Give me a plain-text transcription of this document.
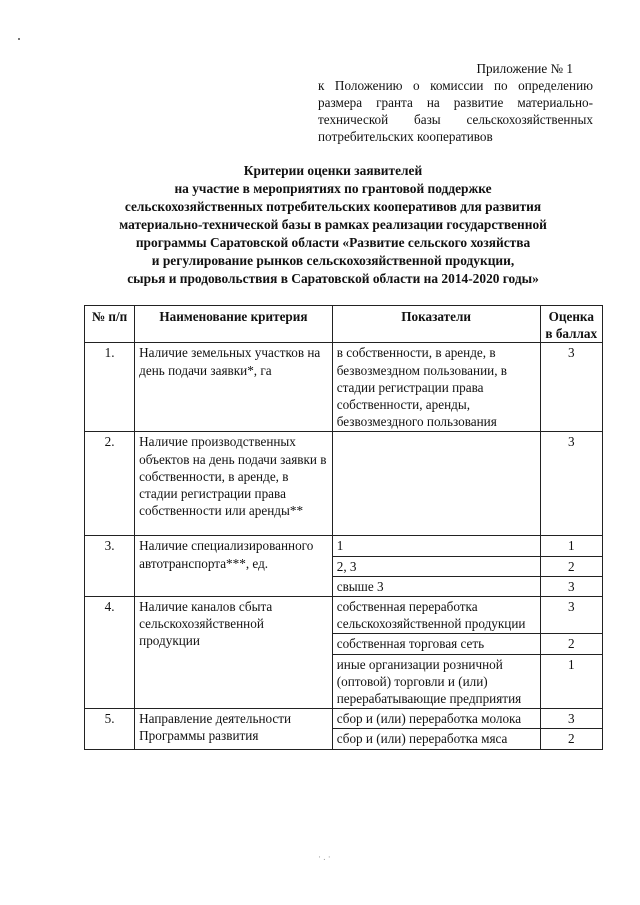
Приложение № 1
к Положению о комиссии по определению размера гранта на развитие материально-технической базы сельскохозяйственных потребительских кооперативов
Критерии оценки заявителей
на участие в мероприятиях по грантовой поддержке
сельскохозяйственных потребительских кооперативов для развития
материально-технической базы в рамках реализации государственной
программы Саратовской области «Развитие сельского хозяйства
и регулирование рынков сельскохозяйственной продукции,
сырья и продовольствия в Саратовской области на 2014-2020 годы»
№ п/п	Наименование критерия	Показатели	Оценка в баллах
1.	Наличие земельных участков на день подачи заявки*, га	в собственности, в аренде, в безвозмездном пользовании, в стадии регистрации права собственности, аренды, безвозмездного пользования	3
2.	Наличие производственных объектов на день подачи заявки в собственности, в аренде, в стадии регистрации права собственности или аренды**		3
3.	Наличие специализированного автотранспорта***, ед.	1	1
		2, 3	2
		свыше 3	3
4.	Наличие каналов сбыта сельскохозяйственной продукции	собственная переработка сельскохозяйственной продукции	3
		собственная торговая сеть	2
		иные организации розничной (оптовой) торговли и (или) перерабатывающие предприятия	1
5.	Направление деятельности Программы развития	сбор и (или) переработка молока	3
		сбор и (или) переработка мяса	2
· . ·
